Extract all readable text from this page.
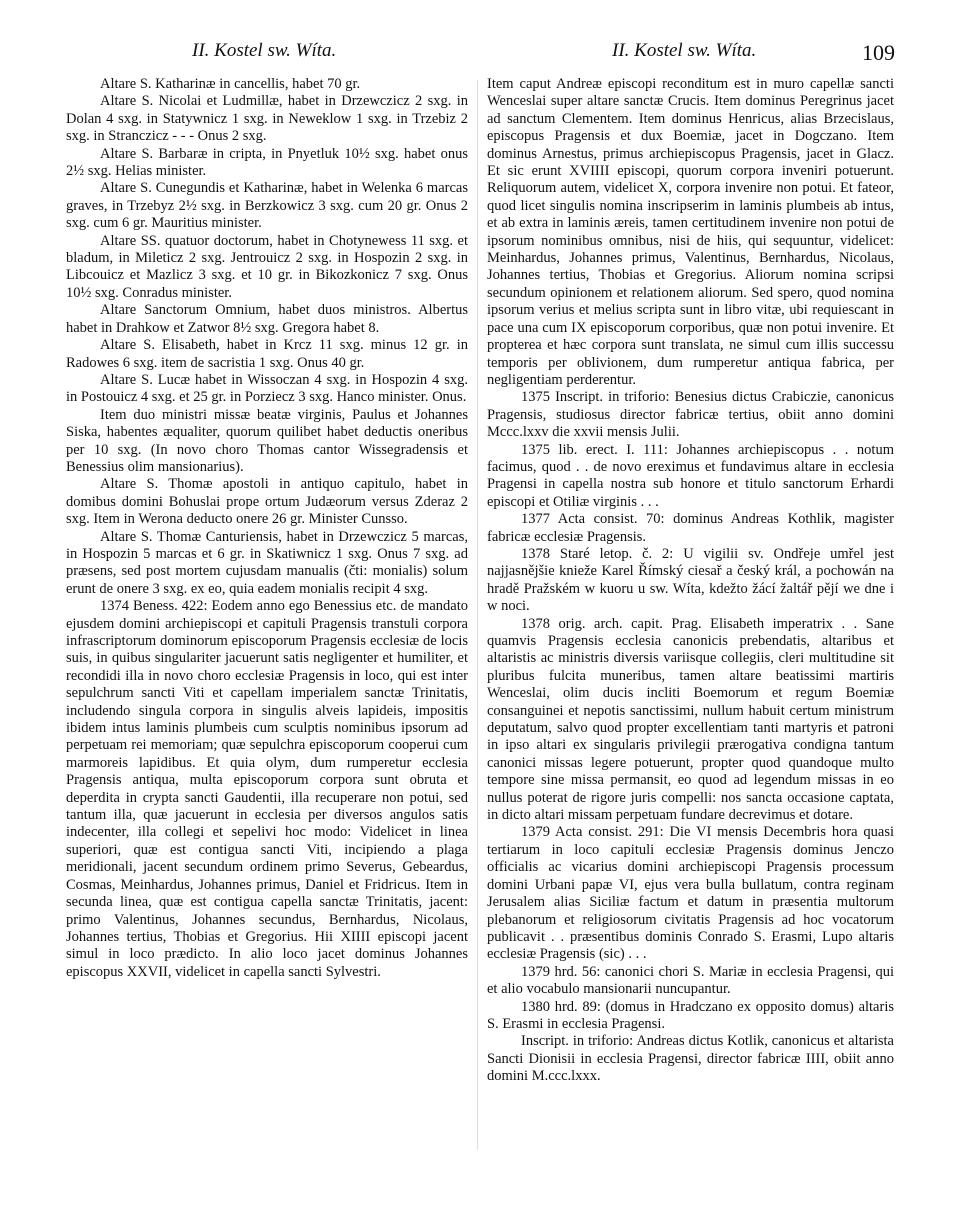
II. Kostel sw. Wíta.	II. Kostel sw. Wíta.	109

Altare S. Katharinæ in cancellis, habet 70 gr.

Altare S. Nicolai et Ludmillæ, habet in Drzewczicz 2 sxg. in Dolan 4 sxg. in Statywnicz 1 sxg. in Neweklow 1 sxg. in Trzebiz 2 sxg. in Stranczicz - - - Onus 2 sxg.

Altare S. Barbaræ in cripta, in Pnyetluk 10½ sxg. habet onus 2½ sxg. Helias minister.

Altare S. Cunegundis et Katharinæ, habet in Welenka 6 marcas graves, in Trzebyz 2½ sxg. in Berzkowicz 3 sxg. cum 20 gr. Onus 2 sxg. cum 6 gr. Mauritius minister.

Altare SS. quatuor doctorum, habet in Chotynewess 11 sxg. et bladum, in Mileticz 2 sxg. Jentrouicz 2 sxg. in Hospozin 2 sxg. in Libcouicz et Mazlicz 3 sxg. et 10 gr. in Bikozkonicz 7 sxg. Onus 10½ sxg. Conradus minister.

Altare Sanctorum Omnium, habet duos ministros. Albertus habet in Drahkow et Zatwor 8½ sxg. Gregora habet 8.

Altare S. Elisabeth, habet in Krcz 11 sxg. minus 12 gr. in Radowes 6 sxg. item de sacristia 1 sxg. Onus 40 gr.

Altare S. Lucæ habet in Wissoczan 4 sxg. in Hospozin 4 sxg. in Postouicz 4 sxg. et 25 gr. in Porzieсz 3 sxg. Hanco minister. Onus.

Item duo ministri missæ beatæ virginis, Paulus et Johannes Siska, habentes æqualiter, quorum quilibet habet deductis oneribus per 10 sxg. (In novo choro Thomas cantor Wissegradensis et Benessius olim mansionarius).

Altare S. Thomæ apostoli in antiquo capitulo, habet in domibus domini Bohuslai prope ortum Judæorum versus Zderaz 2 sxg. Item in Werona deducto onere 26 gr. Minister Cunsso.

Altare S. Thomæ Canturiensis, habet in Drzewczicz 5 marcas, in Hospozin 5 marcas et 6 gr. in Skatiwnicz 1 sxg. Onus 7 sxg. ad præsens, sed post mortem cujusdam manualis (čti: monialis) solum erunt de onere 3 sxg. ex eo, quia eadem monialis recipit 4 sxg.

1374 Beness. 422: Eodem anno ego Benessius etc. de mandato ejusdem domini archiepiscopi et capituli Pragensis transtuli corpora infrascriptorum dominorum episcoporum Pragensis ecclesiæ de locis suis, in quibus singulariter jacuerunt satis negligenter et humiliter, et recondidi illa in novo choro ecclesiæ Pragensis in loco, qui est inter sepulchrum sancti Viti et capellam imperialem sanctæ Trinitatis, includendo singula corpora in singulis alveis lapideis, impositis ibidem intus laminis plumbeis cum sculptis nominibus ipsorum ad perpetuam rei memoriam; quæ sepulchra episcoporum cooperui cum marmoreis lapidibus. Et quia olym, dum rumperetur ecclesia Pragensis antiqua, multa episcoporum corpora sunt obruta et deperdita in crypta sancti Gaudentii, illa recuperare non potui, sed tantum illa, quæ jacuerunt in ecclesia per diversos angulos satis indecenter, illa collegi et sepelivi hoc modo: Videlicet in linea superiori, quæ est contigua sancti Viti, incipiendo a plaga meridionali, jacent secundum ordinem primo Severus, Gebeardus, Cosmas, Meinhardus, Johannes primus, Daniel et Fridricus. Item in secunda linea, quæ est contigua capella sanctæ Trinitatis, jacent: primo Valentinus, Johannes secundus, Bernhardus, Nicolaus, Johannes tertius, Thobias et Gregorius. Hii XIIII episcopi jacent simul in loco prædicto. In alio loco jacet dominus Johannes episcopus XXVII, videlicet in capella sancti Sylvestri.

Item caput Andreæ episcopi reconditum est in muro capellæ sancti Wenceslai super altare sanctæ Crucis. Item dominus Peregrinus jacet ad sanctum Clementem. Item dominus Henricus, alias Brzecislaus, episcopus Pragensis et dux Boemiæ, jacet in Dogczano. Item dominus Arnestus, primus archiepiscopus Pragensis, jacet in Glacz. Et sic erunt XVIIII episcopi, quorum corpora inveniri potuerunt. Reliquorum autem, videlicet X, corpora invenire non potui. Et fateor, quod licet singulis nomina inscripserim in laminis plumbeis ab intus, et ab extra in laminis æreis, tamen certitudinem invenire non potui de ipsorum nominibus omnibus, nisi de hiis, qui sequuntur, videlicet: Meinhardus, Johannes primus, Valentinus, Bernhardus, Nicolaus, Johannes tertius, Thobias et Gregorius. Aliorum nomina scripsi secundum opinionem et relationem aliorum. Sed spero, quod nomina ipsorum verius et melius scripta sunt in libro vitæ, ubi requiescant in pace una cum IX episcoporum corporibus, quæ non potui invenire. Et propterea et hæc corpora sunt translata, ne simul cum illis successu temporis per oblivionem, dum rumperetur antiqua fabrica, per negligentiam perderentur.

1375 Inscript. in triforio: Benesius dictus Crabiczie, canonicus Pragensis, studiosus director fabricæ tertius, obiit anno domini Mccc.lxxv die xxvii mensis Julii.

1375 lib. erect. I. 111: Johannes archiepiscopus . . notum facimus, quod . . de novo ereximus et fundavimus altare in ecclesia Pragensi in capella nostra sub honore et titulo sanctorum Erhardi episcopi et Otiliæ virginis . . .

1377 Acta consist. 70: dominus Andreas Kothlik, magister fabricæ ecclesiæ Pragensis.

1378 Staré letop. č. 2: U vigilii sv. Ondřeje umřel jest najjasnějšie kniežе Karel Římský ciesař a český král, a pochowán na hradě Pražském w kuoru u sw. Wíta, kdežto žácí žaltář pějí we dne i w noci.

1378 orig. arch. capit. Prag. Elisabeth imperatrix . . Sane quamvis Pragensis ecclesia canonicis prebendatis, altaribus et altaristis ac ministris diversis variisque collegiis, cleri multitudine sit pluribus fulcita muneribus, tamen altare beatissimi martiris Wenceslai, olim ducis incliti Boemorum et regum Boemiæ consanguinei et nepotis sanctissimi, nullum habuit certum ministrum deputatum, salvo quod propter excellentiam tanti martyris et patroni in ipso altari ex singularis privilegii prærogativa condigna tantum canonici missas legere potuerunt, propter quod quandoque multo tempore sine missa permansit, eo quod ad legendum missas in eo nullus poterat de rigore juris compelli: nos sancta occasione captata, in dicto altari missam perpetuam fundare decrevimus et dotare.

1379 Acta consist. 291: Die VI mensis Decembris hora quasi tertiarum in loco capituli ecclesiæ Pragensis dominus Jenczo officialis ac vicarius domini archiepiscopi Pragensis processum domini Urbani papæ VI, ejus vera bulla bullatum, contra reginam Jerusalem alias Siciliæ factum et datum in præsentia multorum plebanorum et religiosorum civitatis Pragensis ad hoc vocatorum publicavit . . præsentibus dominis Conrado S. Erasmi, Lupo altaris ecclesiæ Pragensis (sic) . . .

1379 hrd. 56: canonici chori S. Mariæ in ecclesia Pragensi, qui et alio vocabulo mansionarii nuncupantur.

1380 hrd. 89: (domus in Hradczano ex opposito domus) altaris S. Erasmi in ecclesia Pragensi.

Inscript. in triforio: Andreas dictus Kotlik, canonicus et altarista Sancti Dionisii in ecclesia Pragensi, director fabricæ IIII, obiit anno domini M.ccc.lxxx.
